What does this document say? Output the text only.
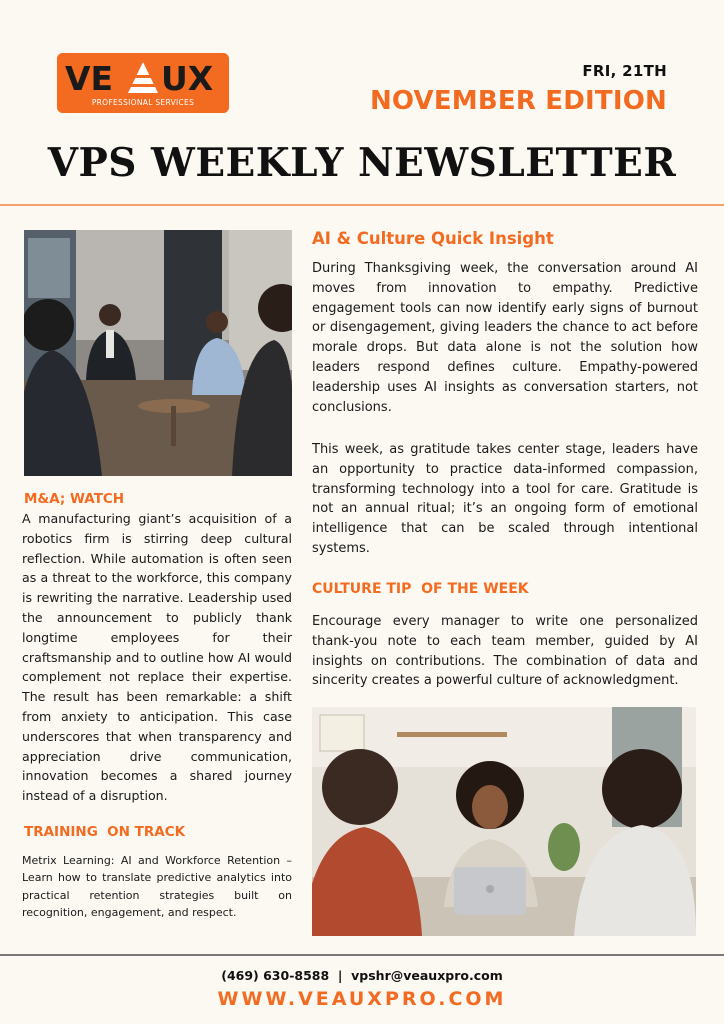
VE UX
PROFESSIONAL SERVICES
FRI, 21TH
NOVEMBER EDITION
VPS WEEKLY NEWSLETTER
AI & Culture Quick Insight
During Thanksgiving week, the conversation around AI moves from innovation to empathy. Predictive engagement tools can now identify early signs of burnout or disengagement, giving leaders the chance to act before morale drops. But data alone is not the solution how leaders respond defines culture. Empathy-powered leadership uses AI insights as conversation starters, not conclusions.
This week, as gratitude takes center stage, leaders have an opportunity to practice data-informed compassion, transforming technology into a tool for care. Gratitude is not an annual ritual; it’s an ongoing form of emotional intelligence that can be scaled through intentional systems.
CULTURE TIP  OF THE WEEK
Encourage every manager to write one personalized thank-you note to each team member, guided by AI insights on contributions. The combination of data and sincerity creates a powerful culture of acknowledgment.
M&A; WATCH
A manufacturing giant’s acquisition of a robotics firm is stirring deep cultural reflection. While automation is often seen as a threat to the workforce, this company is rewriting the narrative. Leadership used the announcement to publicly thank longtime employees for their craftsmanship and to outline how AI would complement not replace their expertise. The result has been remarkable: a shift from anxiety to anticipation. This case underscores that when transparency and appreciation drive communication, innovation becomes a shared journey instead of a disruption.
TRAINING  ON TRACK
Metrix Learning: AI and Workforce Retention – Learn how to translate predictive analytics into practical retention strategies built on recognition, engagement, and respect.
(469) 630-8588  |  vpshr@veauxpro.com
WWW.VEAUXPRO.COM
